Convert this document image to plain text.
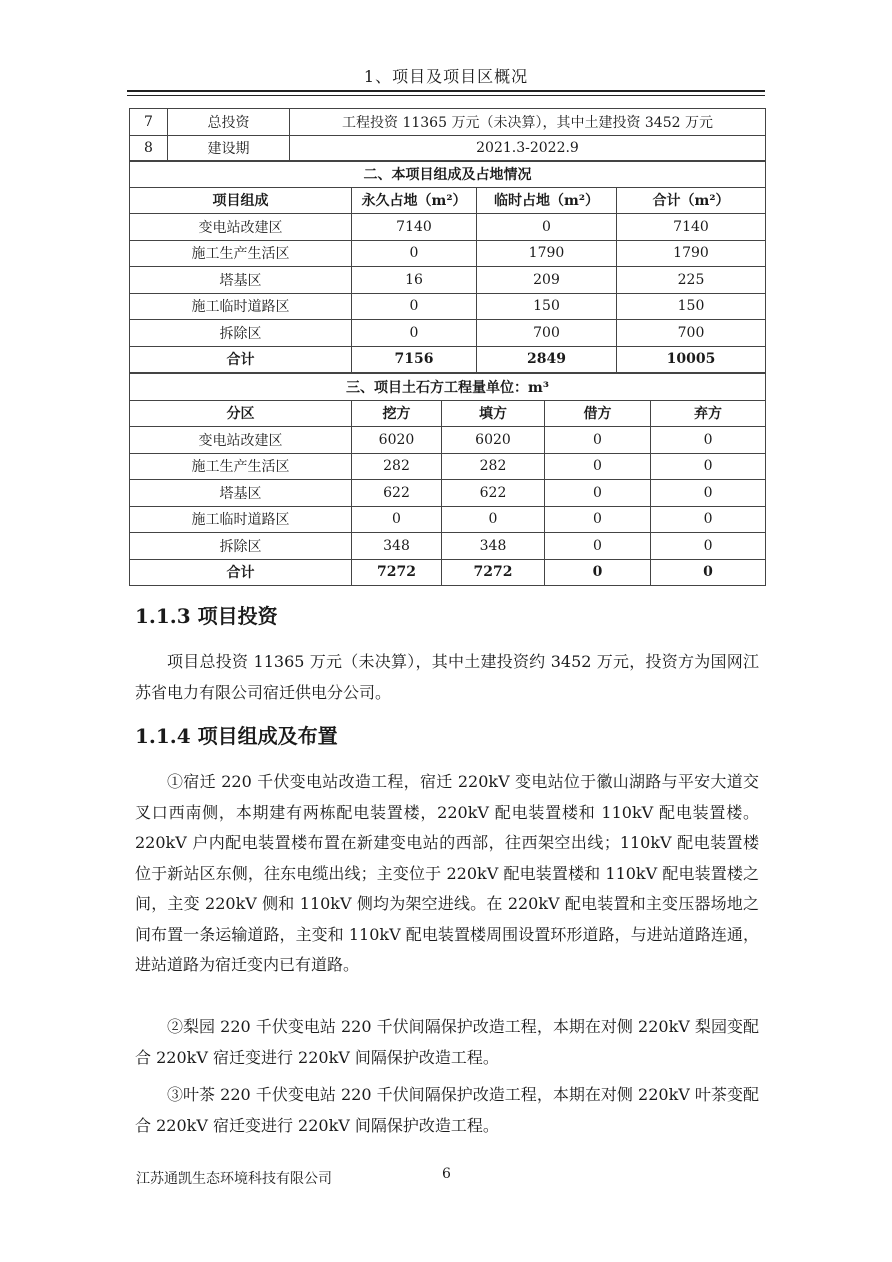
1、项目及项目区概况
7	总投资	工程投资 11365 万元（未决算），其中土建投资 3452 万元
8	建设期	2021.3-2022.9
二、本项目组成及占地情况			
项目组成	永久占地（m²）	临时占地（m²）	合计（m²）
变电站改建区	7140	0	7140
施工生产生活区	0	1790	1790
塔基区	16	209	225
施工临时道路区	0	150	150
拆除区	0	700	700
合计	7156	2849	10005
三、项目土石方工程量单位：m³				
分区	挖方	填方	借方	弃方
变电站改建区	6020	6020	0	0
施工生产生活区	282	282	0	0
塔基区	622	622	0	0
施工临时道路区	0	0	0	0
拆除区	348	348	0	0
合计	7272	7272	0	0
1.1.3 项目投资

项目总投资 11365 万元（未决算），其中土建投资约 3452 万元，投资方为国网江苏省电力有限公司宿迁供电分公司。

1.1.4 项目组成及布置

①宿迁 220 千伏变电站改造工程，宿迁 220kV 变电站位于徽山湖路与平安大道交叉口西南侧，本期建有两栋配电装置楼，220kV 配电装置楼和 110kV 配电装置楼。220kV 户内配电装置楼布置在新建变电站的西部，往西架空出线；110kV 配电装置楼位于新站区东侧，往东电缆出线；主变位于 220kV 配电装置楼和 110kV 配电装置楼之间，主变 220kV 侧和 110kV 侧均为架空进线。在 220kV 配电装置和主变压器场地之间布置一条运输道路，主变和 110kV 配电装置楼周围设置环形道路，与进站道路连通，进站道路为宿迁变内已有道路。

②梨园 220 千伏变电站 220 千伏间隔保护改造工程，本期在对侧 220kV 梨园变配合 220kV 宿迁变进行 220kV 间隔保护改造工程。

③叶茶 220 千伏变电站 220 千伏间隔保护改造工程，本期在对侧 220kV 叶茶变配合 220kV 宿迁变进行 220kV 间隔保护改造工程。

江苏通凯生态环境科技有限公司	6
